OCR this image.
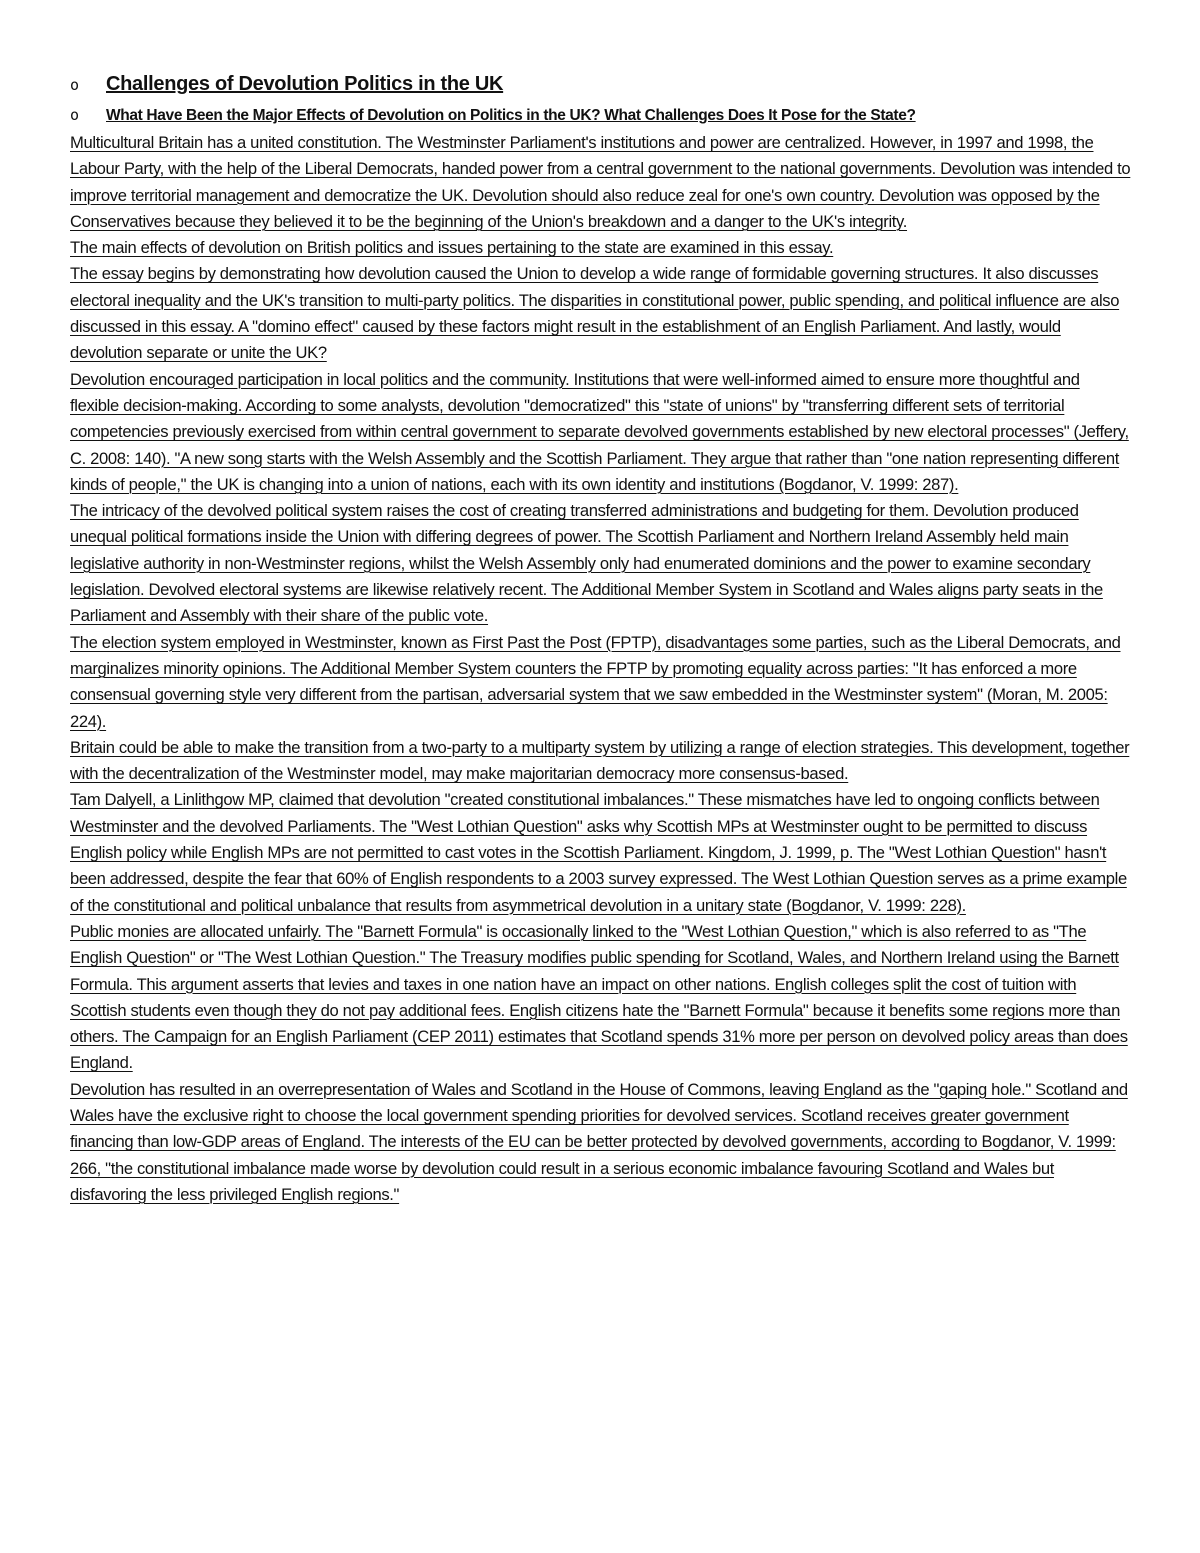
o	Challenges of Devolution Politics in the UK
o	What Have Been the Major Effects of Devolution on Politics in the UK? What Challenges Does It Pose for the State?

Multicultural Britain has a united constitution. The Westminster Parliament's institutions and power are centralized. However, in 1997 and 1998, the Labour Party, with the help of the Liberal Democrats, handed power from a central government to the national governments. Devolution was intended to improve territorial management and democratize the UK. Devolution should also reduce zeal for one's own country. Devolution was opposed by the Conservatives because they believed it to be the beginning of the Union's breakdown and a danger to the UK's integrity.

The main effects of devolution on British politics and issues pertaining to the state are examined in this essay.

The essay begins by demonstrating how devolution caused the Union to develop a wide range of formidable governing structures. It also discusses electoral inequality and the UK's transition to multi-party politics. The disparities in constitutional power, public spending, and political influence are also discussed in this essay. A "domino effect" caused by these factors might result in the establishment of an English Parliament. And lastly, would devolution separate or unite the UK?

Devolution encouraged participation in local politics and the community. Institutions that were well-informed aimed to ensure more thoughtful and flexible decision-making. According to some analysts, devolution "democratized" this "state of unions" by "transferring different sets of territorial competencies previously exercised from within central government to separate devolved governments established by new electoral processes" (Jeffery, C. 2008: 140). "A new song starts with the Welsh Assembly and the Scottish Parliament. They argue that rather than "one nation representing different kinds of people," the UK is changing into a union of nations, each with its own identity and institutions (Bogdanor, V. 1999: 287).

The intricacy of the devolved political system raises the cost of creating transferred administrations and budgeting for them. Devolution produced unequal political formations inside the Union with differing degrees of power. The Scottish Parliament and Northern Ireland Assembly held main legislative authority in non-Westminster regions, whilst the Welsh Assembly only had enumerated dominions and the power to examine secondary legislation. Devolved electoral systems are likewise relatively recent. The Additional Member System in Scotland and Wales aligns party seats in the Parliament and Assembly with their share of the public vote.

The election system employed in Westminster, known as First Past the Post (FPTP), disadvantages some parties, such as the Liberal Democrats, and marginalizes minority opinions. The Additional Member System counters the FPTP by promoting equality across parties: "It has enforced a more consensual governing style very different from the partisan, adversarial system that we saw embedded in the Westminster system" (Moran, M. 2005: 224).

Britain could be able to make the transition from a two-party to a multiparty system by utilizing a range of election strategies. This development, together with the decentralization of the Westminster model, may make majoritarian democracy more consensus-based.

Tam Dalyell, a Linlithgow MP, claimed that devolution "created constitutional imbalances." These mismatches have led to ongoing conflicts between Westminster and the devolved Parliaments. The "West Lothian Question" asks why Scottish MPs at Westminster ought to be permitted to discuss English policy while English MPs are not permitted to cast votes in the Scottish Parliament. Kingdom, J. 1999, p. The "West Lothian Question" hasn't been addressed, despite the fear that 60% of English respondents to a 2003 survey expressed. The West Lothian Question serves as a prime example of the constitutional and political unbalance that results from asymmetrical devolution in a unitary state (Bogdanor, V. 1999: 228).

Public monies are allocated unfairly. The "Barnett Formula" is occasionally linked to the "West Lothian Question," which is also referred to as "The English Question" or "The West Lothian Question." The Treasury modifies public spending for Scotland, Wales, and Northern Ireland using the Barnett Formula. This argument asserts that levies and taxes in one nation have an impact on other nations. English colleges split the cost of tuition with Scottish students even though they do not pay additional fees. English citizens hate the "Barnett Formula" because it benefits some regions more than others. The Campaign for an English Parliament (CEP 2011) estimates that Scotland spends 31% more per person on devolved policy areas than does England.

Devolution has resulted in an overrepresentation of Wales and Scotland in the House of Commons, leaving England as the "gaping hole." Scotland and Wales have the exclusive right to choose the local government spending priorities for devolved services. Scotland receives greater government financing than low-GDP areas of England. The interests of the EU can be better protected by devolved governments, according to Bogdanor, V. 1999: 266, "the constitutional imbalance made worse by devolution could result in a serious economic imbalance favouring Scotland and Wales but disfavoring the less privileged English regions."
